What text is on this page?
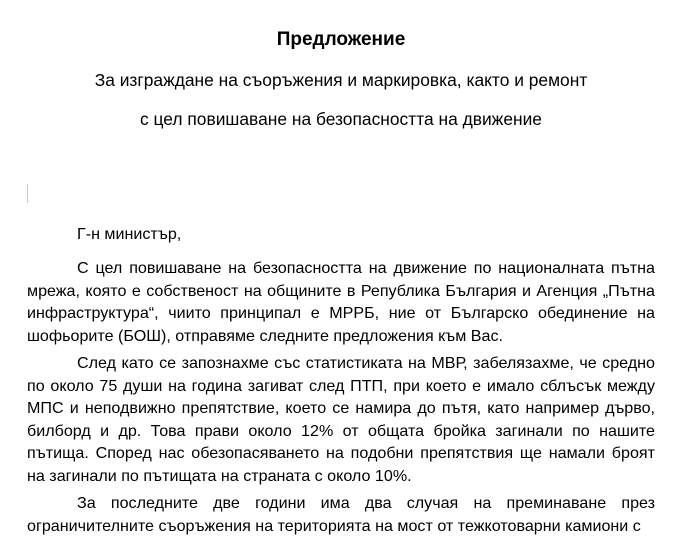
Предложение

За изграждане на съоръжения и маркировка, както и ремонт

с цел повишаване на безопасността на движение

Г-н министър,

С цел повишаване на безопасността на движение по националната пътна мрежа, която е собственост на общините в Република България и Агенция „Пътна инфраструктура“, чиито принципал е МРРБ, ние от Българско обединение на шофьорите (БОШ), отправяме следните предложения към Вас.

След като се запознахме със статистиката на МВР, забелязахме, че средно по около 75 души на година загиват след ПТП, при което е имало сблъсък между МПС и неподвижно препятствие, което се намира до пътя, като например дърво, билборд и др. Това прави около 12% от общата бройка загинали по нашите пътища. Според нас обезопасяването на подобни препятствия ще намали броят на загинали по пътищата на страната с около 10%.

За последните две години има два случая на преминаване през ограничителните съоръжения на територията на мост от тежкотоварни камиони с
